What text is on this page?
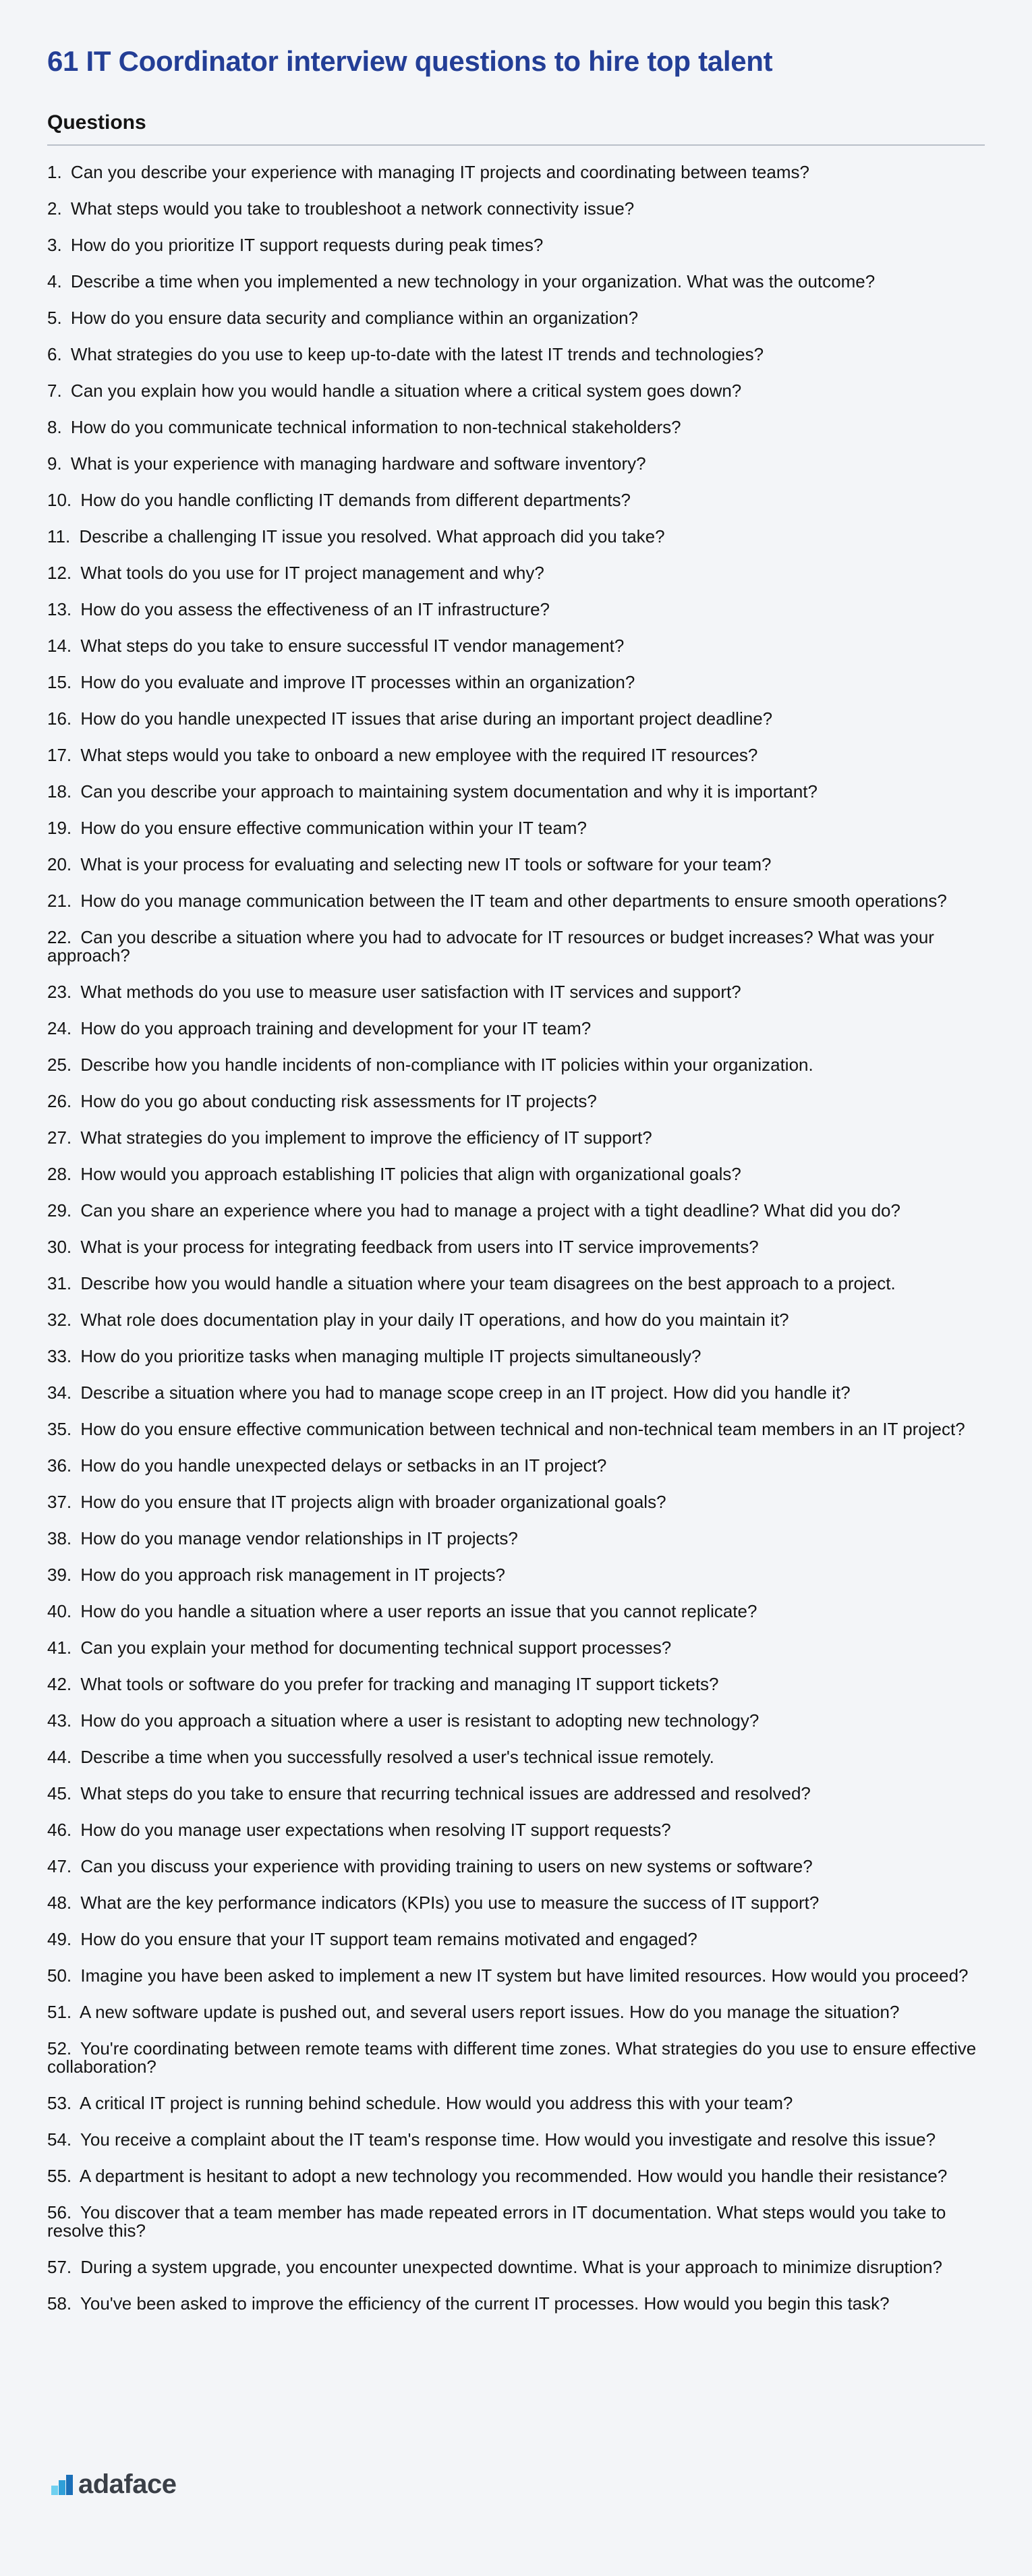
61 IT Coordinator interview questions to hire top talent
Questions
1. Can you describe your experience with managing IT projects and coordinating between teams?
2. What steps would you take to troubleshoot a network connectivity issue?
3. How do you prioritize IT support requests during peak times?
4. Describe a time when you implemented a new technology in your organization. What was the outcome?
5. How do you ensure data security and compliance within an organization?
6. What strategies do you use to keep up-to-date with the latest IT trends and technologies?
7. Can you explain how you would handle a situation where a critical system goes down?
8. How do you communicate technical information to non-technical stakeholders?
9. What is your experience with managing hardware and software inventory?
10. How do you handle conflicting IT demands from different departments?
11. Describe a challenging IT issue you resolved. What approach did you take?
12. What tools do you use for IT project management and why?
13. How do you assess the effectiveness of an IT infrastructure?
14. What steps do you take to ensure successful IT vendor management?
15. How do you evaluate and improve IT processes within an organization?
16. How do you handle unexpected IT issues that arise during an important project deadline?
17. What steps would you take to onboard a new employee with the required IT resources?
18. Can you describe your approach to maintaining system documentation and why it is important?
19. How do you ensure effective communication within your IT team?
20. What is your process for evaluating and selecting new IT tools or software for your team?
21. How do you manage communication between the IT team and other departments to ensure smooth operations?
22. Can you describe a situation where you had to advocate for IT resources or budget increases? What was your approach?
23. What methods do you use to measure user satisfaction with IT services and support?
24. How do you approach training and development for your IT team?
25. Describe how you handle incidents of non-compliance with IT policies within your organization.
26. How do you go about conducting risk assessments for IT projects?
27. What strategies do you implement to improve the efficiency of IT support?
28. How would you approach establishing IT policies that align with organizational goals?
29. Can you share an experience where you had to manage a project with a tight deadline? What did you do?
30. What is your process for integrating feedback from users into IT service improvements?
31. Describe how you would handle a situation where your team disagrees on the best approach to a project.
32. What role does documentation play in your daily IT operations, and how do you maintain it?
33. How do you prioritize tasks when managing multiple IT projects simultaneously?
34. Describe a situation where you had to manage scope creep in an IT project. How did you handle it?
35. How do you ensure effective communication between technical and non-technical team members in an IT project?
36. How do you handle unexpected delays or setbacks in an IT project?
37. How do you ensure that IT projects align with broader organizational goals?
38. How do you manage vendor relationships in IT projects?
39. How do you approach risk management in IT projects?
40. How do you handle a situation where a user reports an issue that you cannot replicate?
41. Can you explain your method for documenting technical support processes?
42. What tools or software do you prefer for tracking and managing IT support tickets?
43. How do you approach a situation where a user is resistant to adopting new technology?
44. Describe a time when you successfully resolved a user's technical issue remotely.
45. What steps do you take to ensure that recurring technical issues are addressed and resolved?
46. How do you manage user expectations when resolving IT support requests?
47. Can you discuss your experience with providing training to users on new systems or software?
48. What are the key performance indicators (KPIs) you use to measure the success of IT support?
49. How do you ensure that your IT support team remains motivated and engaged?
50. Imagine you have been asked to implement a new IT system but have limited resources. How would you proceed?
51. A new software update is pushed out, and several users report issues. How do you manage the situation?
52. You're coordinating between remote teams with different time zones. What strategies do you use to ensure effective collaboration?
53. A critical IT project is running behind schedule. How would you address this with your team?
54. You receive a complaint about the IT team's response time. How would you investigate and resolve this issue?
55. A department is hesitant to adopt a new technology you recommended. How would you handle their resistance?
56. You discover that a team member has made repeated errors in IT documentation. What steps would you take to resolve this?
57. During a system upgrade, you encounter unexpected downtime. What is your approach to minimize disruption?
58. You've been asked to improve the efficiency of the current IT processes. How would you begin this task?
adaface
